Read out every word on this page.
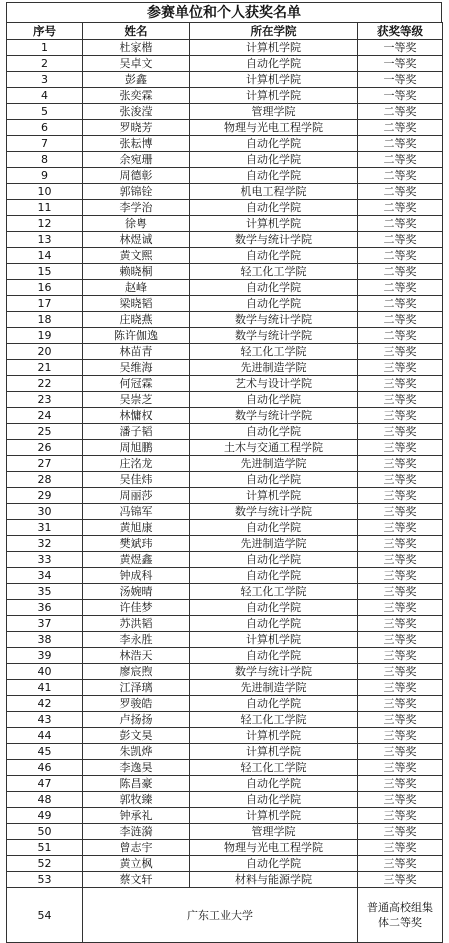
参赛单位和个人获奖名单
序号	姓名	所在学院	获奖等级
1	杜家楷	计算机学院	一等奖
2	吴卓文	自动化学院	一等奖
3	彭鑫	计算机学院	一等奖
4	张奕霖	计算机学院	一等奖
5	张浚滢	管理学院	二等奖
6	罗晓芳	物理与光电工程学院	二等奖
7	张耘博	自动化学院	二等奖
8	余宛珊	自动化学院	二等奖
9	周德彰	自动化学院	二等奖
10	郭锦铨	机电工程学院	二等奖
11	李学治	自动化学院	二等奖
12	徐粤	计算机学院	二等奖
13	林煜诚	数学与统计学院	二等奖
14	黄文熙	自动化学院	二等奖
15	赖晓桐	轻工化工学院	二等奖
16	赵峰	自动化学院	二等奖
17	梁晓韬	自动化学院	二等奖
18	庄晓燕	数学与统计学院	二等奖
19	陈许伽逸	数学与统计学院	二等奖
20	林苗青	轻工化工学院	三等奖
21	吴维海	先进制造学院	三等奖
22	何冠霖	艺术与设计学院	三等奖
23	吴崇芝	自动化学院	三等奖
24	林慵权	数学与统计学院	三等奖
25	潘子韬	自动化学院	三等奖
26	周旭鹏	土木与交通工程学院	三等奖
27	庄洺龙	先进制造学院	三等奖
28	吴佳炜	自动化学院	三等奖
29	周丽莎	计算机学院	三等奖
30	冯锦军	数学与统计学院	三等奖
31	黄旭康	自动化学院	三等奖
32	樊斌玮	先进制造学院	三等奖
33	黄煜鑫	自动化学院	三等奖
34	钟成科	自动化学院	三等奖
35	汤婉晴	轻工化工学院	三等奖
36	许佳梦	自动化学院	三等奖
37	苏洪韬	自动化学院	三等奖
38	李永胜	计算机学院	三等奖
39	林浩天	自动化学院	三等奖
40	廖宸煦	数学与统计学院	三等奖
41	江泽璃	先进制造学院	三等奖
42	罗骏皓	自动化学院	三等奖
43	卢扬扬	轻工化工学院	三等奖
44	彭文昊	计算机学院	三等奖
45	朱凯烨	计算机学院	三等奖
46	李逸昊	轻工化工学院	三等奖
47	陈昌豪	自动化学院	三等奖
48	郭牧臻	自动化学院	三等奖
49	钟承礼	计算机学院	三等奖
50	李涟漪	管理学院	三等奖
51	曾志宇	物理与光电工程学院	三等奖
52	黄立枫	自动化学院	三等奖
53	蔡文轩	材料与能源学院	三等奖
54	广东工业大学		普通高校组集体二等奖
